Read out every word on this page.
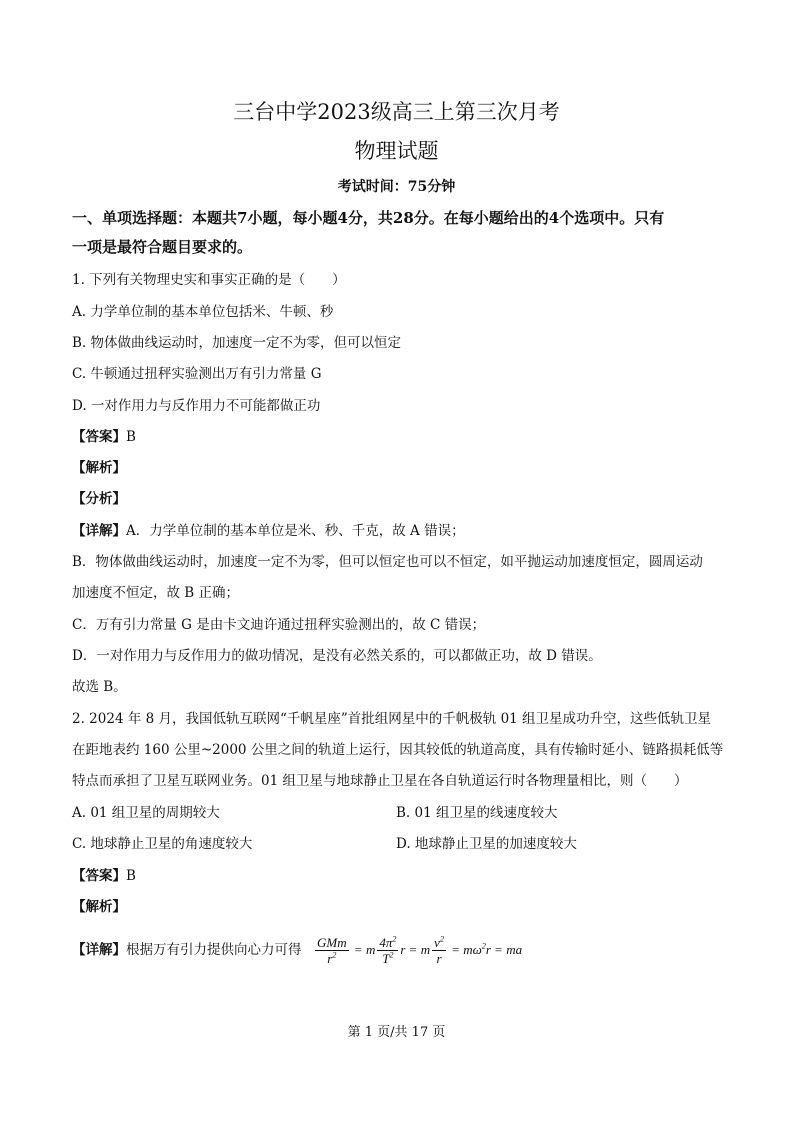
三台中学2023级高三上第三次月考
物理试题
考试时间：75分钟
一、单项选择题：本题共7小题，每小题4分，共28分。在每小题给出的4个选项中。只有
一项是最符合题目要求的。
1. 下列有关物理史实和事实正确的是（　　）
A. 力学单位制的基本单位包括米、牛顿、秒
B. 物体做曲线运动时，加速度一定不为零，但可以恒定
C. 牛顿通过扭秤实验测出万有引力常量 G
D. 一对作用力与反作用力不可能都做正功
【答案】B
【解析】
【分析】
【详解】A．力学单位制的基本单位是米、秒、千克，故 A 错误；
B．物体做曲线运动时，加速度一定不为零，但可以恒定也可以不恒定，如平抛运动加速度恒定，圆周运动
加速度不恒定，故 B 正确；
C．万有引力常量 G 是由卡文迪许通过扭秤实验测出的，故 C 错误；
D．一对作用力与反作用力的做功情况，是没有必然关系的，可以都做正功，故 D 错误。
故选 B。
2. 2024 年 8 月，我国低轨互联网“千帆星座”首批组网星中的千帆极轨 01 组卫星成功升空，这些低轨卫星
在距地表约 160 公里~2000 公里之间的轨道上运行，因其较低的轨道高度，具有传输时延小、链路损耗低等
特点而承担了卫星互联网业务。01 组卫星与地球静止卫星在各自轨道运行时各物理量相比，则（　　）
A. 01 组卫星的周期较大	B. 01 组卫星的线速度较大
C. 地球静止卫星的角速度较大	D. 地球静止卫星的加速度较大
【答案】B
【解析】
【详解】根据万有引力提供向心力可得 $\frac{\text{GMm}}{r^2} = m \frac{4\pi^2}{T^2}$ r = m $\frac{v^2}{r} = m\omega^2r$ = ma
第 1 页/共 17 页
